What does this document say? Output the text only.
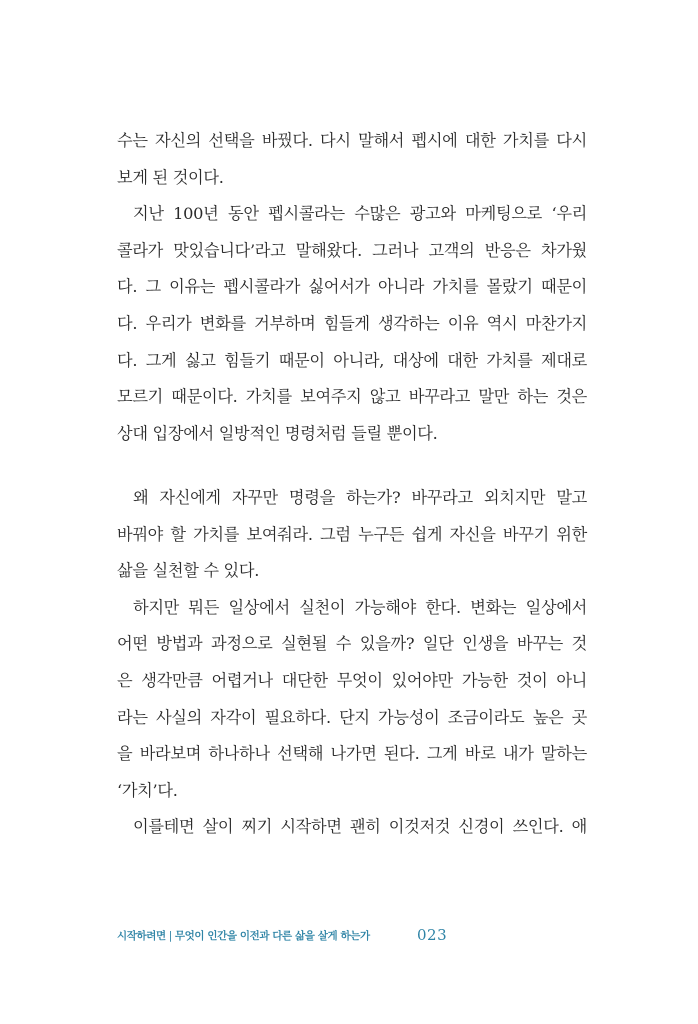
수는 자신의 선택을 바꿨다. 다시 말해서 펩시에 대한 가치를 다시
보게 된 것이다.
지난 100년 동안 펩시콜라는 수많은 광고와 마케팅으로 ‘우리
콜라가 맛있습니다’라고 말해왔다. 그러나 고객의 반응은 차가웠
다. 그 이유는 펩시콜라가 싫어서가 아니라 가치를 몰랐기 때문이
다. 우리가 변화를 거부하며 힘들게 생각하는 이유 역시 마찬가지
다. 그게 싫고 힘들기 때문이 아니라, 대상에 대한 가치를 제대로
모르기 때문이다. 가치를 보여주지 않고 바꾸라고 말만 하는 것은
상대 입장에서 일방적인 명령처럼 들릴 뿐이다.
왜 자신에게 자꾸만 명령을 하는가? 바꾸라고 외치지만 말고
바꿔야 할 가치를 보여줘라. 그럼 누구든 쉽게 자신을 바꾸기 위한
삶을 실천할 수 있다.
하지만 뭐든 일상에서 실천이 가능해야 한다. 변화는 일상에서
어떤 방법과 과정으로 실현될 수 있을까? 일단 인생을 바꾸는 것
은 생각만큼 어렵거나 대단한 무엇이 있어야만 가능한 것이 아니
라는 사실의 자각이 필요하다. 단지 가능성이 조금이라도 높은 곳
을 바라보며 하나하나 선택해 나가면 된다. 그게 바로 내가 말하는
‘가치’다.
이를테면 살이 찌기 시작하면 괜히 이것저것 신경이 쓰인다. 애
시작하려면 | 무엇이 인간을 이전과 다른 삶을 살게 하는가	023
